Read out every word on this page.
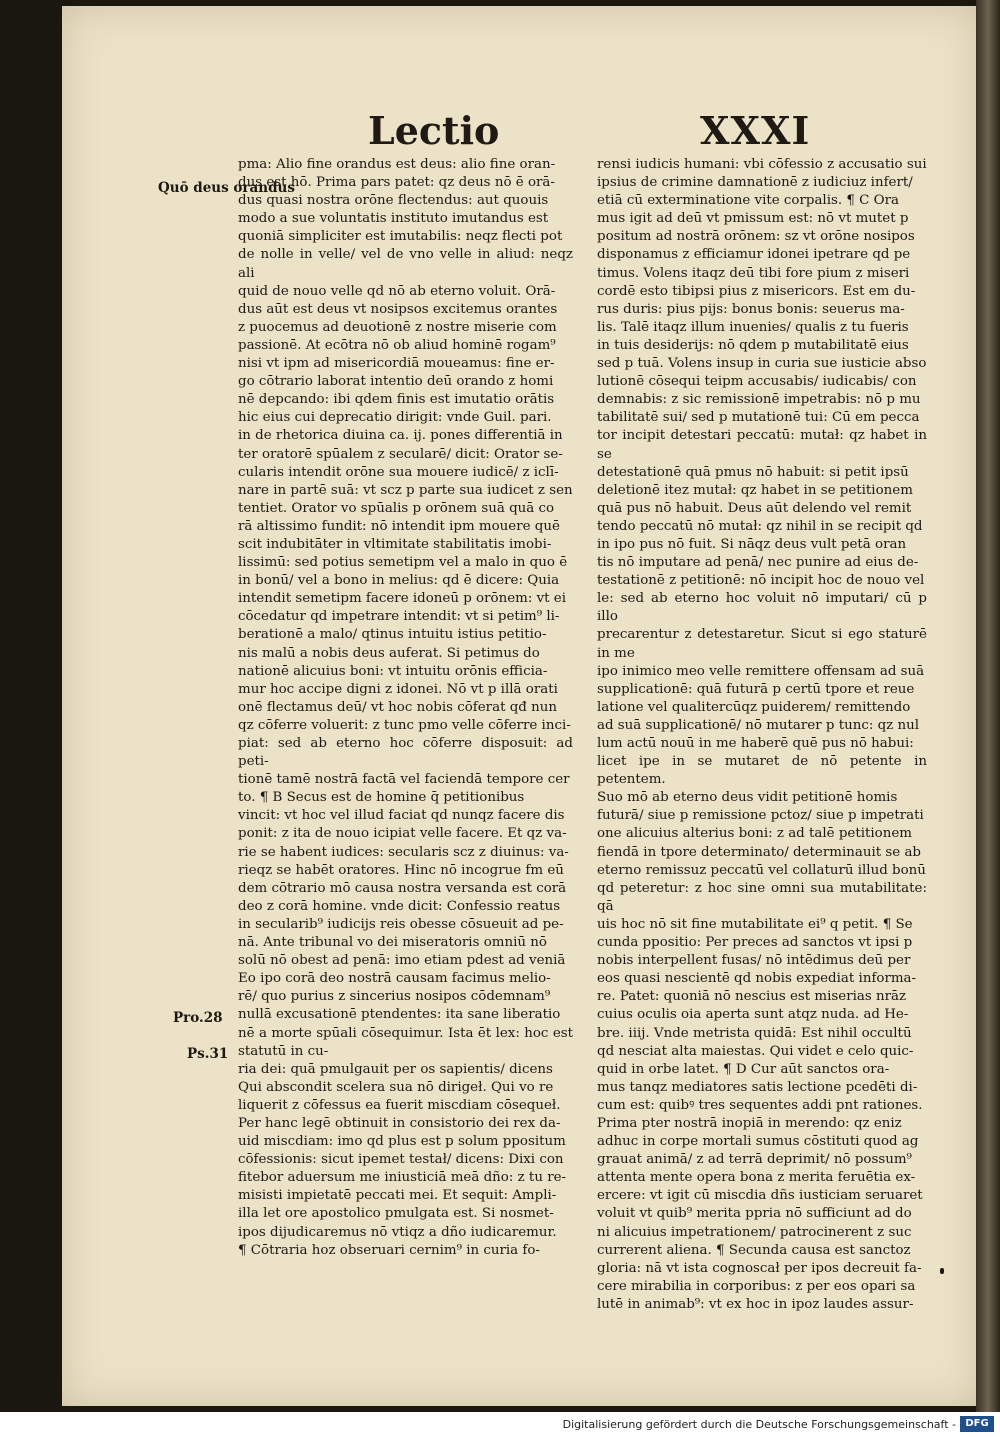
Lectio	XXXI
Quō deus orandus
Pro.28
Ps.31
pma: Alio fine orandus est deus: alio fine oran-
dus est hō. Prima pars patet: qz deus nō ē orā-
dus quasi nostra orōne flectendus: aut quouis
modo a sue voluntatis instituto imutandus est
quoniā simpliciter est imutabilis: neqz flecti pot
de nolle in velle/ vel de vno velle in aliud: neqz ali
quid de nouo velle qd nō ab eterno voluit. Orā-
dus aūt est deus vt nosipsos excitemus orantes
z puocemus ad deuotionē z nostre miserie com
passionē. At ecōtra nō ob aliud hominē rogam⁹
nisi vt ipm ad misericordiā moueamus: fine er-
go cōtrario laborat intentio deū orando z homi
nē depcando: ibi qdem finis est imutatio orātis
hic eius cui deprecatio dirigit: vnde Guil. pari.
in de rhetorica diuina ca. ij. pones differentiā in
ter oratorē spūalem z secularē/ dicit: Orator se-
cularis intendit orōne sua mouere iudicē/ z iclī-
nare in partē suā: vt scz p parte sua iudicet z sen
tentiet. Orator vo spūalis p orōnem suā quā co
rā altissimo fundit: nō intendit ipm mouere quē
scit indubitāter in vltimitate stabilitatis imobi-
lissimū: sed potius semetipm vel a malo in quo ē
in bonū/ vel a bono in melius: qd ē dicere: Quia
intendit semetipm facere idoneū p orōnem: vt ei
cōcedatur qd impetrare intendit: vt si petim⁹ li-
berationē a malo/ qtinus intuitu istius petitio-
nis malū a nobis deus auferat. Si petimus do
nationē alicuius boni: vt intuitu orōnis efficia-
mur hoc accipe digni z idonei. Nō vt p illā orati
onē flectamus deū/ vt hoc nobis cōferat qđ nun
qz cōferre voluerit: z tunc pmo velle cōferre inci-
piat: sed ab eterno hoc cōferre disposuit: ad peti-
tionē tamē nostrā factā vel faciendā tempore cer
to. ¶ B Secus est de homine q̄ petitionibus
vincit: vt hoc vel illud faciat qd nunqz facere dis
ponit: z ita de nouo icipiat velle facere. Et qz va-
rie se habent iudices: secularis scz z diuinus: va-
rieqz se habēt oratores. Hinc nō incogrue fm eū
dem cōtrario mō causa nostra versanda est corā
deo z corā homine. vnde dicit: Confessio reatus
in secularib⁹ iudicijs reis obesse cōsueuit ad pe-
nā. Ante tribunal vo dei miseratoris omniū nō
solū nō obest ad penā: imo etiam pdest ad veniā
Eo ipo corā deo nostrā causam facimus melio-
rē/ quo purius z sincerius nosipos cōdemnam⁹
nullā excusationē ptendentes: ita sane liberatio
nē a morte spūali cōsequimur. Ista ēt lex: hoc est statutū in cu-
ria dei: quā pmulgauit per os sapientis/ dicens
Qui abscondit scelera sua nō dirigeł. Qui vo re
liquerit z cōfessus ea fuerit miscdiam cōsequeł.
Per hanc legē obtinuit in consistorio dei rex da-
uid miscdiam: imo qd plus est p solum ppositum
cōfessionis: sicut ipemet testał/ dicens: Dixi con
fitebor aduersum me iniusticiā meā dño: z tu re-
misisti impietatē peccati mei. Et sequit: Ampli-
illa let ore apostolico pmulgata est. Si nosmet-
ipos dijudicaremus nō vtiqz a dño iudicaremur.
¶ Cōtraria hoz obseruari cernim⁹ in curia fo-
rensi iudicis humani: vbi cōfessio z accusatio sui
ipsius de crimine damnationē z iudiciuz infert/
etiā cū exterminatione vite corpalis. ¶ C Ora
mus igit ad deū vt pmissum est: nō vt mutet p
positum ad nostrā orōnem: sz vt orōne nosipos
disponamus z efficiamur idonei ipetrare qd pe
timus. Volens itaqz deū tibi fore pium z miseri
cordē esto tibipsi pius z misericors. Est em du-
rus duris: pius pijs: bonus bonis: seuerus ma-
lis. Talē itaqz illum inuenies/ qualis z tu fueris
in tuis desiderijs: nō qdem p mutabilitatē eius
sed p tuā. Volens insup in curia sue iusticie abso
lutionē cōsequi teipm accusabis/ iudicabis/ con
demnabis: z sic remissionē impetrabis: nō p mu
tabilitatē sui/ sed p mutationē tui: Cū em pecca
tor incipit detestari peccatū: mutał: qz habet in se
detestationē quā pmus nō habuit: si petit ipsū
deletionē itez mutał: qz habet in se petitionem
quā pus nō habuit. Deus aūt delendo vel remit
tendo peccatū nō mutał: qz nihil in se recipit qd
in ipo pus nō fuit. Si nāqz deus vult petā oran
tis nō imputare ad penā/ nec punire ad eius de-
testationē z petitionē: nō incipit hoc de nouo vel
le: sed ab eterno hoc voluit nō imputari/ cū p illo
precarentur z detestaretur. Sicut si ego staturē in me
ipo inimico meo velle remittere offensam ad suā
supplicationē: quā futurā p certū tpore et reue
latione vel qualitercūqz puiderem/ remittendo
ad suā supplicationē/ nō mutarer p tunc: qz nul
lum actū nouū in me haberē quē pus nō habui:
licet ipe in se mutaret de nō petente in petentem.
Suo mō ab eterno deus vidit petitionē homis
futurā/ siue p remissione pctoz/ siue p impetrati
one alicuius alterius boni: z ad talē petitionem
fiendā in tpore determinato/ determinauit se ab
eterno remissuz peccatū vel collaturū illud bonū
qd peteretur: z hoc sine omni sua mutabilitate: qā
uis hoc nō sit fine mutabilitate ei⁹ q petit. ¶ Se
cunda ppositio: Per preces ad sanctos vt ipsi p
nobis interpellent fusas/ nō intēdimus deū per
eos quasi nescientē qd nobis expediat informa-
re. Patet: quoniā nō nescius est miserias nrāz
cuius oculis oia aperta sunt atqz nuda. ad He-
bre. iiij. Vnde metrista quidā: Est nihil occultū
qd nesciat alta maiestas. Qui videt e celo quic-
quid in orbe latet. ¶ D Cur aūt sanctos ora-
mus tanqz mediatores satis lectione pcedēti di-
cum est: quibꝰ tres sequentes addi pnt rationes.
Prima pter nostrā inopiā in merendo: qz eniz
adhuc in corpe mortali sumus cōstituti quod ag
grauat animā/ z ad terrā deprimit/ nō possum⁹
attenta mente opera bona z merita feruētia ex-
ercere: vt igit cū miscdia dñs iusticiam seruaret
voluit vt quib⁹ merita ppria nō sufficiunt ad do
ni alicuius impetrationem/ patrocinerent z suc
currerent aliena. ¶ Secunda causa est sanctoz
gloria: nā vt ista cognoscał per ipos decreuit fa-
cere mirabilia in corporibus: z per eos opari sa
lutē in animab⁹: vt ex hoc in ipoz laudes assur-
Digitalisierung gefördert durch die Deutsche Forschungsgemeinschaft - DFG
